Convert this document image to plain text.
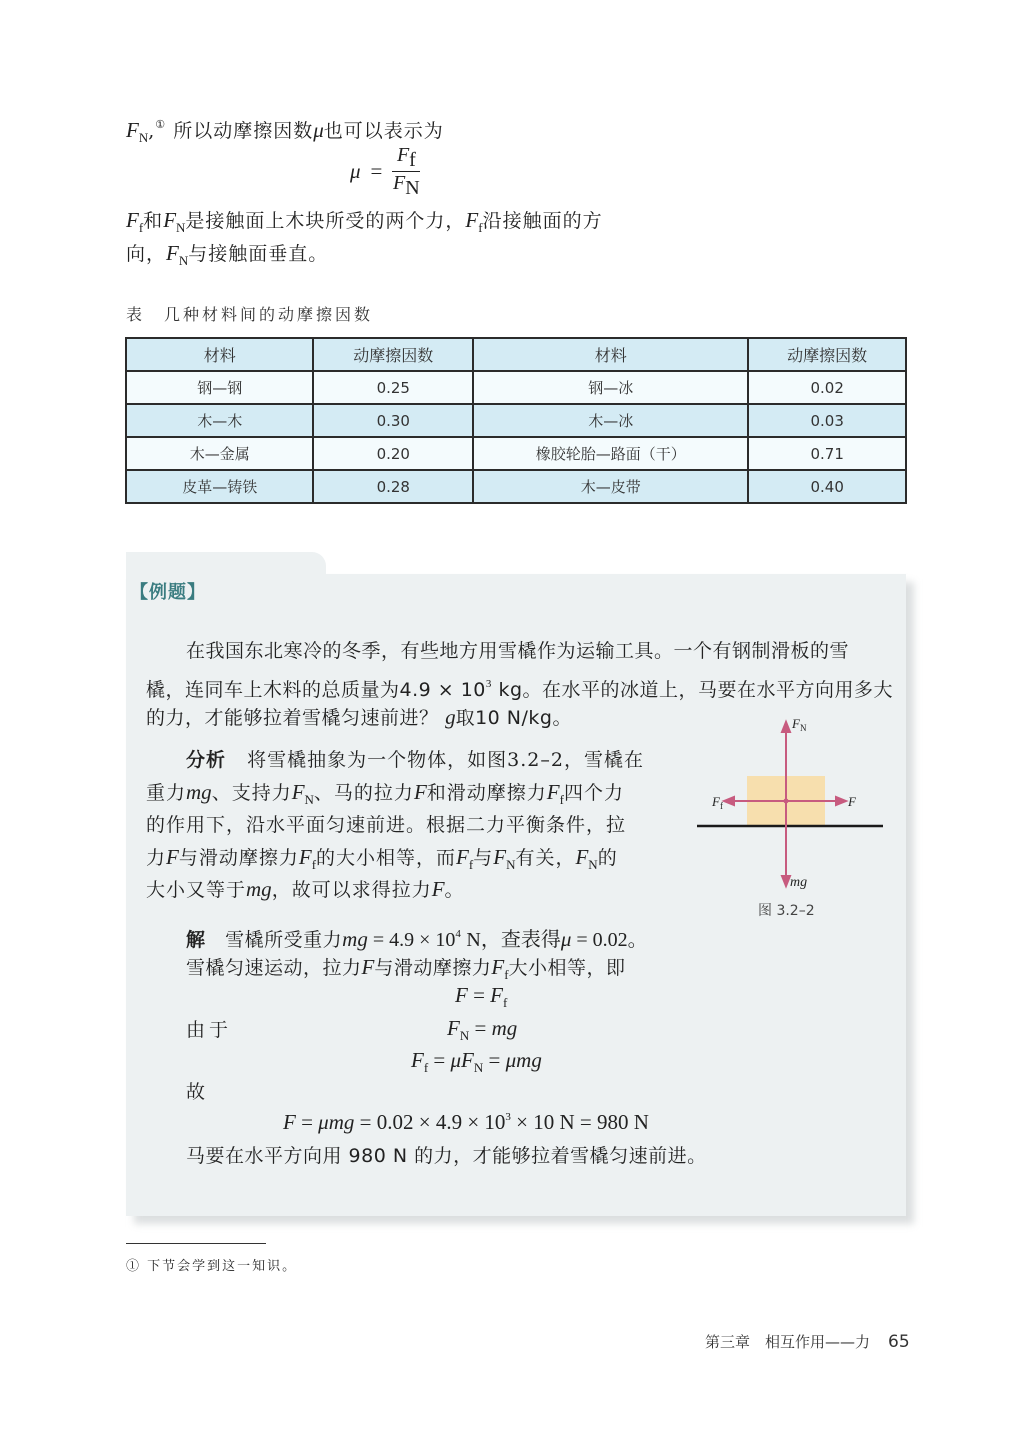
$F_N,^①$ 所以动摩擦因数μ也可以表示为
μ =
Ff
FN
$F_f$和$F_N$是接触面上木块所受的两个力，$F_f$沿接触面的方
向，$F_N$与接触面垂直。
表　几种材料间的动摩擦因数
材料	动摩擦因数	材料	动摩擦因数
钢—钢	0.25	钢—冰	0.02
木—木	0.30	木—冰	0.03
木—金属	0.20	橡胶轮胎—路面（干）	0.71
皮革—铸铁	0.28	木—皮带	0.40
【例题】
在我国东北寒冷的冬季，有些地方用雪橇作为运输工具。一个有钢制滑板的雪
橇，连同车上木料的总质量为$4.9 \times 10^3$ kg。在水平的冰道上，马要在水平方向用多大
的力，才能够拉着雪橇匀速前进？ g取10 N/kg。
分析 将雪橇抽象为一个物体，如图3.2–2，雪橇在
重力mg、支持力$F_N$、马的拉力F和滑动摩擦力$F_f$四个力
的作用下，沿水平面匀速前进。根据二力平衡条件，拉
力F与滑动摩擦力$F_f$的大小相等，而$F_f$与$F_N$有关，$F_N$的
大小又等于mg，故可以求得拉力F。
$F_N$
$F_f$	F
mg
图 3.2–2
解 雪橇所受重力mg = $4.9 \times 10^4$ N，查表得μ = 0.02。
雪橇匀速运动，拉力F与滑动摩擦力$F_f$大小相等，即
$F = F_f$
由于	$F_N$ = mg
$F_f = \mu F_N = \mu mg$
故
$F = \mu mg = 0.02 \times 4.9 \times 10^3 \times 10$ N = 980 N
马要在水平方向用 980 N 的力，才能够拉着雪橇匀速前进。
① 下节会学到这一知识。
第三章　相互作用——力 65
